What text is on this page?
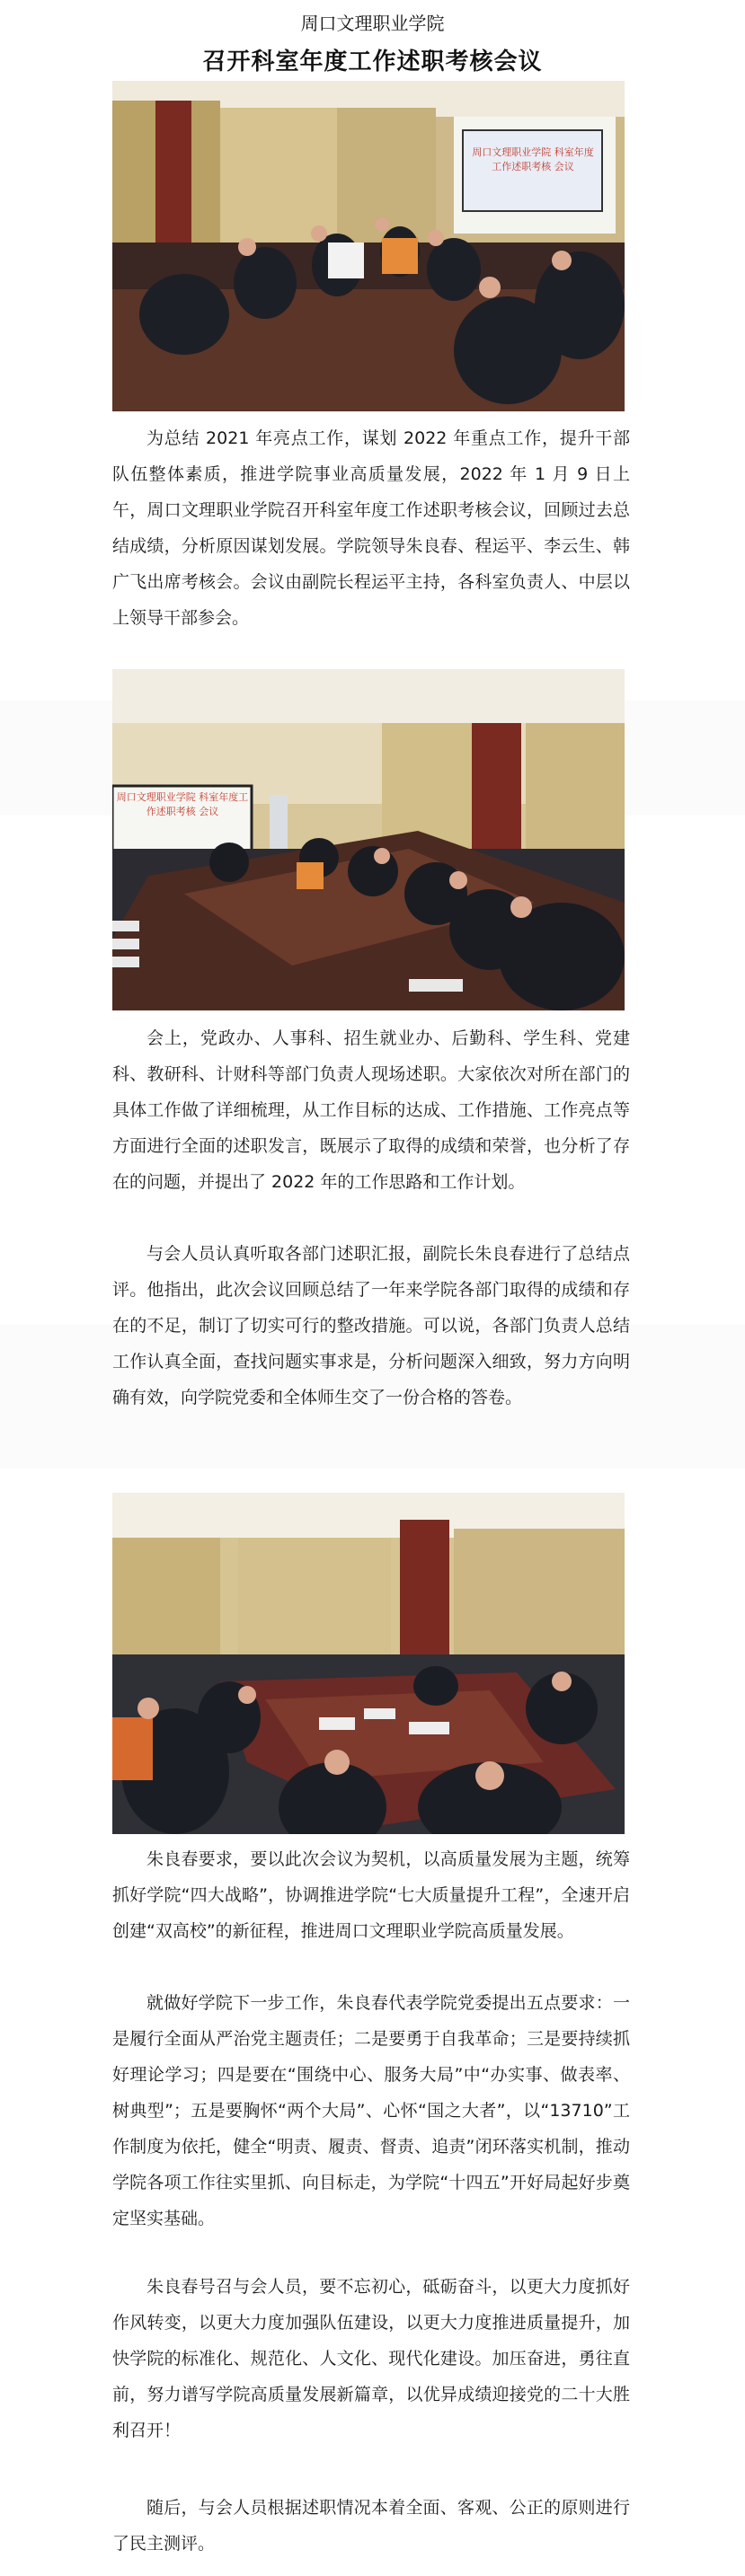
周口文理职业学院
召开科室年度工作述职考核会议
周口文理职业学院 科室年度工作述职考核 会议

为总结 2021 年亮点工作，谋划 2022 年重点工作，提升干部队伍整体素质，推进学院事业高质量发展，2022 年 1 月 9 日上午，周口文理职业学院召开科室年度工作述职考核会议，回顾过去总结成绩，分析原因谋划发展。学院领导朱良春、程运平、李云生、韩广飞出席考核会。会议由副院长程运平主持，各科室负责人、中层以上领导干部参会。

周口文理职业学院 科室年度工作述职考核 会议

会上，党政办、人事科、招生就业办、后勤科、学生科、党建科、教研科、计财科等部门负责人现场述职。大家依次对所在部门的具体工作做了详细梳理，从工作目标的达成、工作措施、工作亮点等方面进行全面的述职发言，既展示了取得的成绩和荣誉，也分析了存在的问题，并提出了 2022 年的工作思路和工作计划。

与会人员认真听取各部门述职汇报，副院长朱良春进行了总结点评。他指出，此次会议回顾总结了一年来学院各部门取得的成绩和存在的不足，制订了切实可行的整改措施。可以说，各部门负责人总结工作认真全面，查找问题实事求是，分析问题深入细致，努力方向明确有效，向学院党委和全体师生交了一份合格的答卷。

朱良春要求，要以此次会议为契机，以高质量发展为主题，统筹抓好学院“四大战略”，协调推进学院“七大质量提升工程”，全速开启创建“双高校”的新征程，推进周口文理职业学院高质量发展。

就做好学院下一步工作，朱良春代表学院党委提出五点要求：一是履行全面从严治党主题责任；二是要勇于自我革命；三是要持续抓好理论学习；四是要在“围绕中心、服务大局”中“办实事、做表率、树典型”；五是要胸怀“两个大局”、心怀“国之大者”，以“13710”工作制度为依托，健全“明责、履责、督责、追责”闭环落实机制，推动学院各项工作往实里抓、向目标走，为学院“十四五”开好局起好步奠定坚实基础。

朱良春号召与会人员，要不忘初心，砥砺奋斗，以更大力度抓好作风转变，以更大力度加强队伍建设，以更大力度推进质量提升，加快学院的标准化、规范化、人文化、现代化建设。加压奋进，勇往直前，努力谱写学院高质量发展新篇章，以优异成绩迎接党的二十大胜利召开！

随后，与会人员根据述职情况本着全面、客观、公正的原则进行了民主测评。
